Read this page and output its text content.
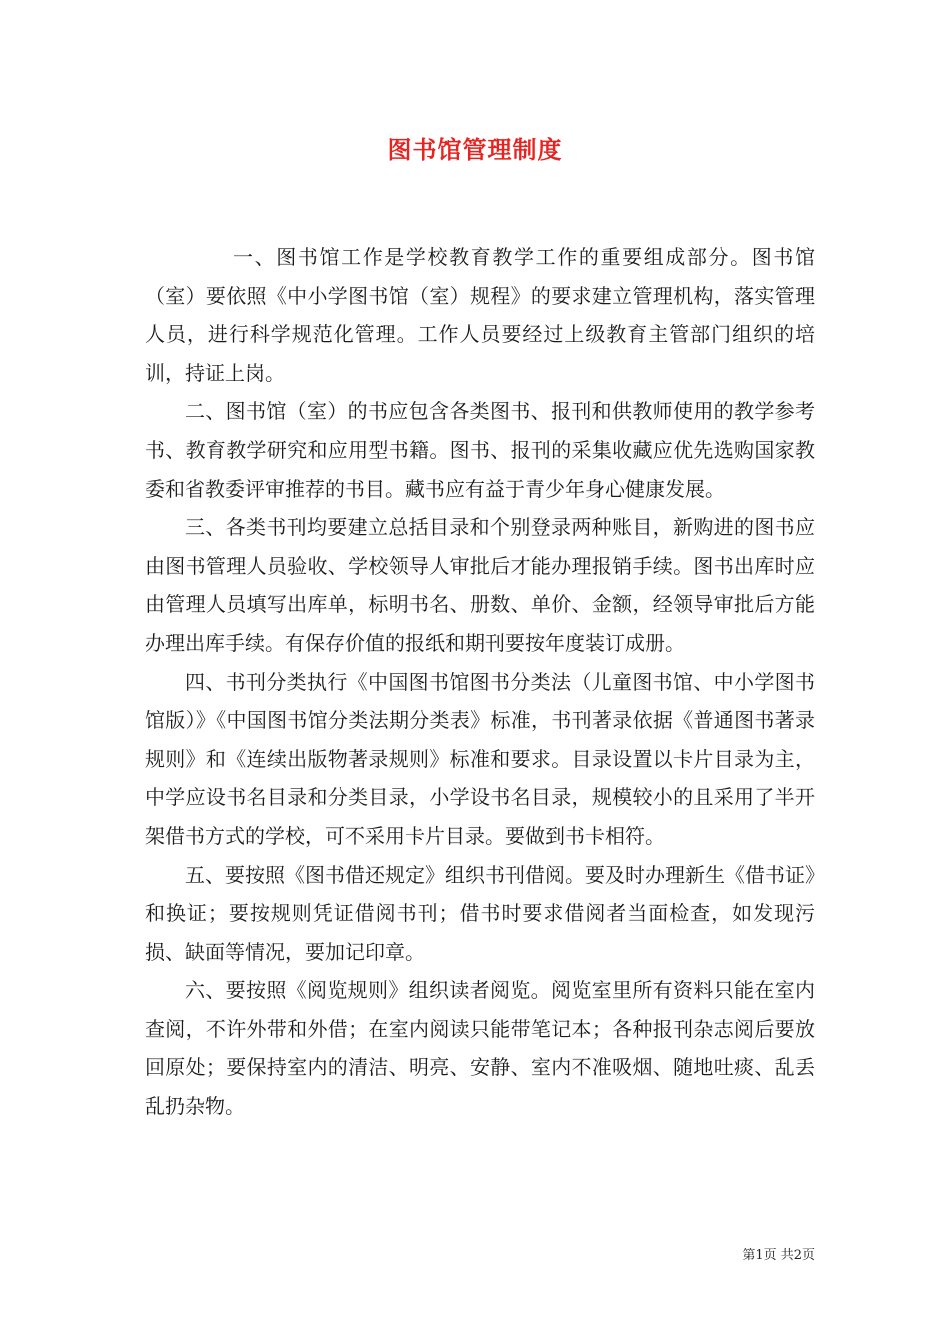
图书馆管理制度

一、图书馆工作是学校教育教学工作的重要组成部分。图书馆（室）要依照《中小学图书馆（室）规程》的要求建立管理机构，落实管理人员，进行科学规范化管理。工作人员要经过上级教育主管部门组织的培训，持证上岗。

二、图书馆（室）的书应包含各类图书、报刊和供教师使用的教学参考书、教育教学研究和应用型书籍。图书、报刊的采集收藏应优先选购国家教委和省教委评审推荐的书目。藏书应有益于青少年身心健康发展。

三、各类书刊均要建立总括目录和个别登录两种账目，新购进的图书应由图书管理人员验收、学校领导人审批后才能办理报销手续。图书出库时应由管理人员填写出库单，标明书名、册数、单价、金额，经领导审批后方能办理出库手续。有保存价值的报纸和期刊要按年度装订成册。

四、书刊分类执行《中国图书馆图书分类法（儿童图书馆、中小学图书馆版）》《中国图书馆分类法期分类表》标准，书刊著录依据《普通图书著录规则》和《连续出版物著录规则》标准和要求。目录设置以卡片目录为主，中学应设书名目录和分类目录，小学设书名目录，规模较小的且采用了半开架借书方式的学校，可不采用卡片目录。要做到书卡相符。

五、要按照《图书借还规定》组织书刊借阅。要及时办理新生《借书证》和换证；要按规则凭证借阅书刊；借书时要求借阅者当面检查，如发现污损、缺面等情况，要加记印章。

六、要按照《阅览规则》组织读者阅览。阅览室里所有资料只能在室内查阅，不许外带和外借；在室内阅读只能带笔记本；各种报刊杂志阅后要放回原处；要保持室内的清洁、明亮、安静、室内不准吸烟、随地吐痰、乱丢乱扔杂物。

第1页 共2页
